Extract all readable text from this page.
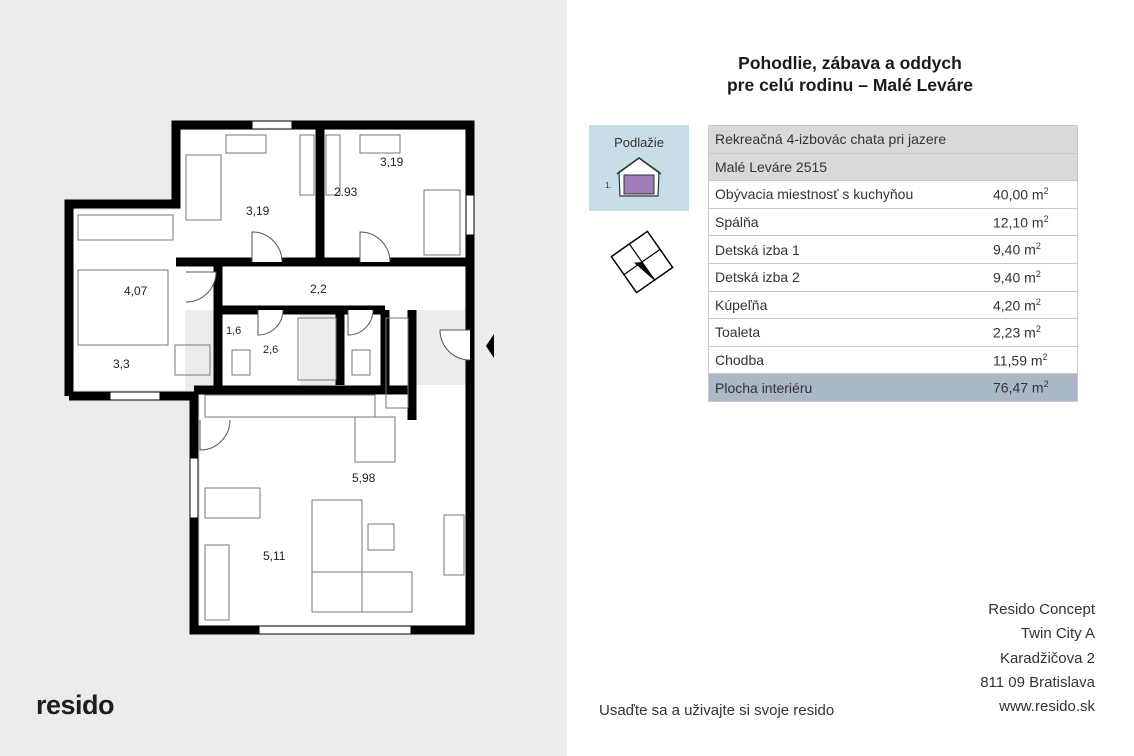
3,19
3,19
2.93
4,07
3,3
2,2
1,6
2,6
5,98
5,11
resido
Pohodlie, zábava a oddych
pre celú rodinu – Malé Leváre
Podlažie
1.
Rekreačná 4-izbovác chata pri jazere	
Malé Leváre 2515	
Obývacia miestnosť s kuchyňou	40,00 $m^2$
Spálňa	12,10 $m^2$
Detská izba 1	9,40 $m^2$
Detská izba 2	9,40 $m^2$
Kúpeľňa	4,20 $m^2$
Toaleta	2,23 $m^2$
Chodba	11,59 $m^2$
Plocha interiéru	76,47 $m^2$
Resido Concept
Twin City A
Karadžičova 2
811 09 Bratislava
www.resido.sk
Usaďte sa a uživajte si svoje resido
